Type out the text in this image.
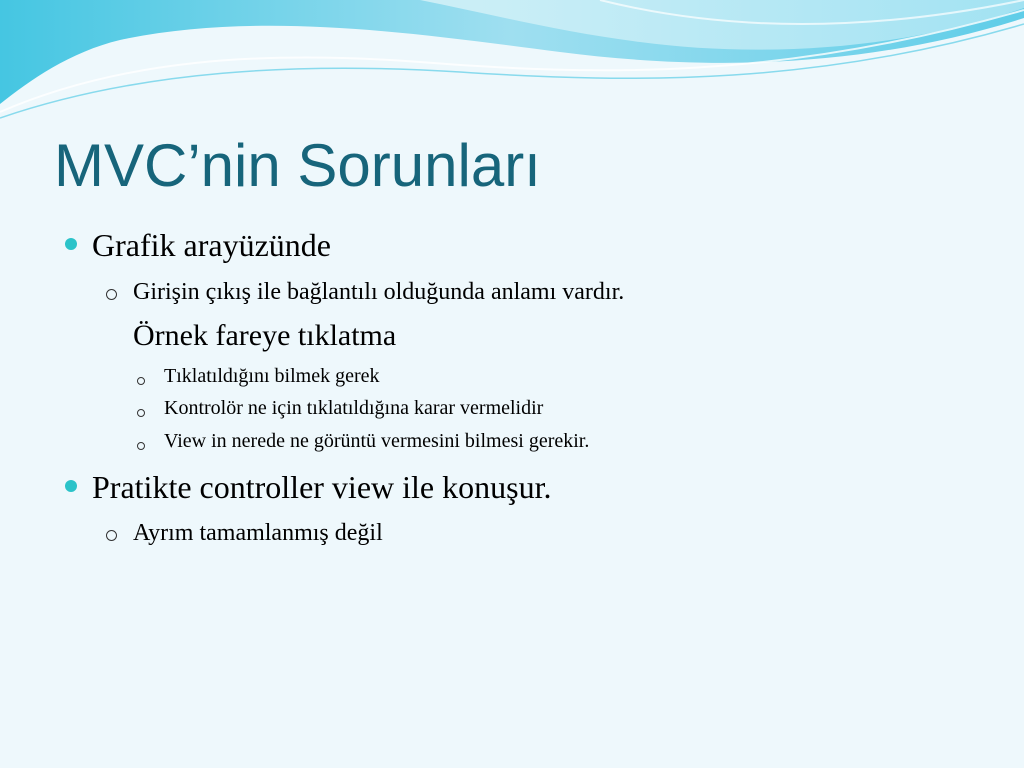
MVC’nin Sorunları
Grafik arayüzünde
Girişin çıkış ile bağlantılı olduğunda anlamı vardır.
Örnek fareye tıklatma
Tıklatıldığını bilmek gerek
Kontrolör ne için tıklatıldığına karar vermelidir
View in nerede ne görüntü vermesini bilmesi gerekir.
Pratikte controller view ile konuşur.
Ayrım tamamlanmış değil
